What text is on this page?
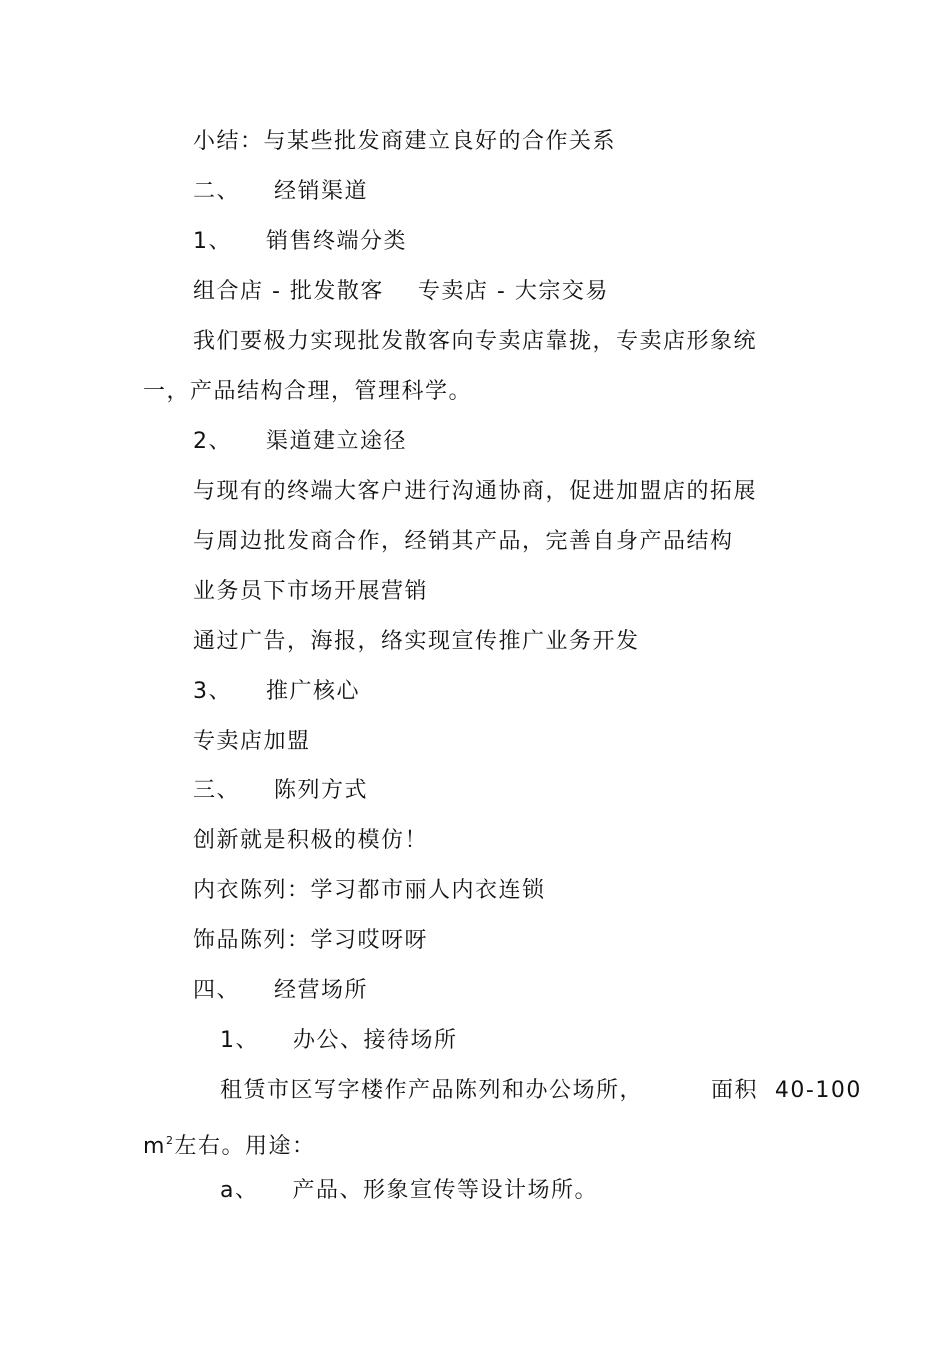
小结：与某些批发商建立良好的合作关系
二、    经销渠道
1、    销售终端分类
组合店 - 批发散客    专卖店 - 大宗交易
我们要极力实现批发散客向专卖店靠拢，专卖店形象统
一，产品结构合理，管理科学。
2、    渠道建立途径
与现有的终端大客户进行沟通协商，促进加盟店的拓展
与周边批发商合作，经销其产品，完善自身产品结构
业务员下市场开展营销
通过广告，海报，络实现宣传推广业务开发
3、    推广核心
专卖店加盟
三、    陈列方式
创新就是积极的模仿！
内衣陈列：学习都市丽人内衣连锁
饰品陈列：学习哎呀呀
四、    经营场所
1、    办公、接待场所
租赁市区写字楼作产品陈列和办公场所，        面积  40-100
$m^2$左右。用途：
a、    产品、形象宣传等设计场所。
